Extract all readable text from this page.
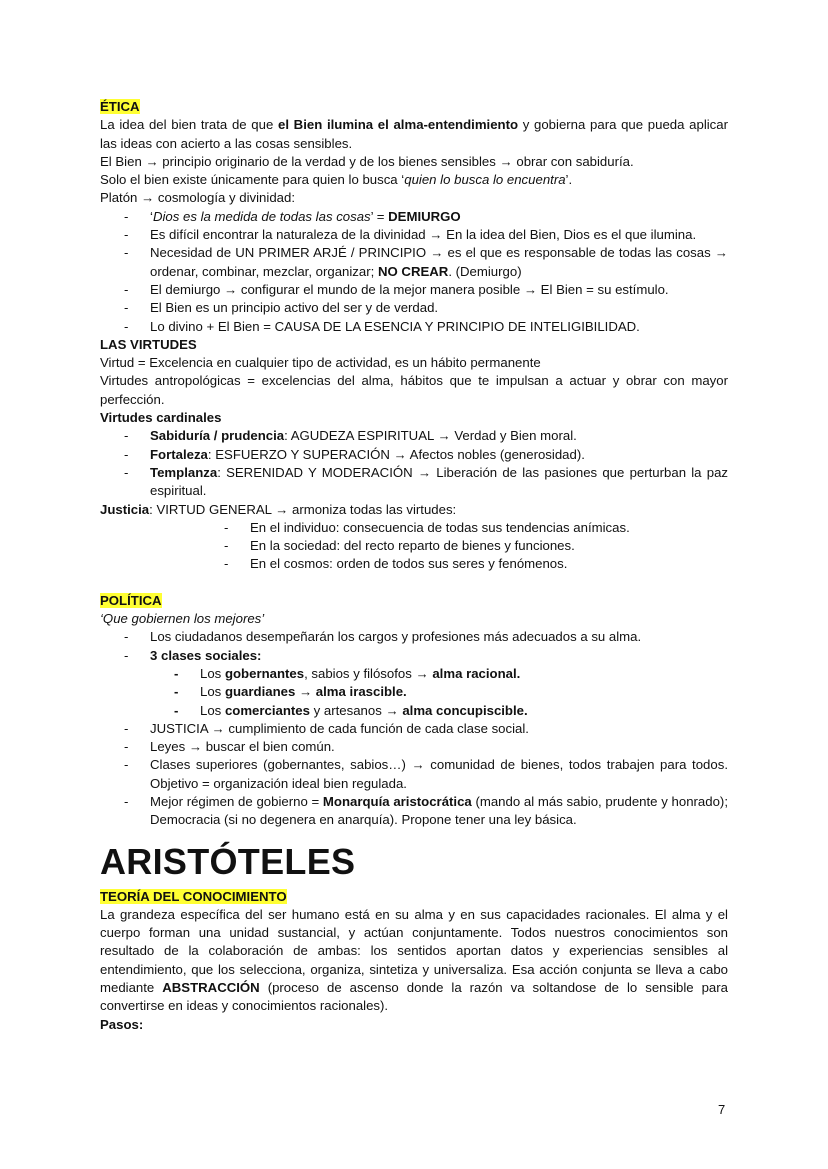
ÉTICA

La idea del bien trata de que el Bien ilumina el alma-entendimiento y gobierna para que pueda aplicar las ideas con acierto a las cosas sensibles.

El Bien → principio originario de la verdad y de los bienes sensibles → obrar con sabiduría.

Solo el bien existe únicamente para quien lo busca ‘quien lo busca lo encuentra’.

Platón → cosmología y divinidad:

- ‘Dios es la medida de todas las cosas’ = DEMIURGO
- Es difícil encontrar la naturaleza de la divinidad → En la idea del Bien, Dios es el que ilumina.
- Necesidad de UN PRIMER ARJÉ / PRINCIPIO → es el que es responsable de todas las cosas → ordenar, combinar, mezclar, organizar; NO CREAR. (Demiurgo)
- El demiurgo → configurar el mundo de la mejor manera posible → El Bien = su estímulo.
- El Bien es un principio activo del ser y de verdad.
- Lo divino + El Bien = CAUSA DE LA ESENCIA Y PRINCIPIO DE INTELIGIBILIDAD.

LAS VIRTUDES

Virtud = Excelencia en cualquier tipo de actividad, es un hábito permanente

Virtudes antropológicas = excelencias del alma, hábitos que te impulsan a actuar y obrar con mayor perfección.

Virtudes cardinales

- Sabiduría / prudencia: AGUDEZA ESPIRITUAL → Verdad y Bien moral.
- Fortaleza: ESFUERZO Y SUPERACIÓN → Afectos nobles (generosidad).
- Templanza: SERENIDAD Y MODERACIÓN → Liberación de las pasiones que perturban la paz espiritual.

Justicia: VIRTUD GENERAL → armoniza todas las virtudes:

- En el individuo: consecuencia de todas sus tendencias anímicas.
- En la sociedad: del recto reparto de bienes y funciones.
- En el cosmos: orden de todos sus seres y fenómenos.

POLÍTICA

‘Que gobiernen los mejores’

- Los ciudadanos desempeñarán los cargos y profesiones más adecuados a su alma.
- 3 clases sociales:
- Los gobernantes, sabios y filósofos → alma racional.
- Los guardianes → alma irascible.
- Los comerciantes y artesanos → alma concupiscible.
- JUSTICIA → cumplimiento de cada función de cada clase social.
- Leyes → buscar el bien común.
- Clases superiores (gobernantes, sabios…) → comunidad de bienes, todos trabajen para todos. Objetivo = organización ideal bien regulada.
- Mejor régimen de gobierno = Monarquía aristocrática (mando al más sabio, prudente y honrado); Democracia (si no degenera en anarquía). Propone tener una ley básica.

ARISTÓTELES

TEORÍA DEL CONOCIMIENTO

La grandeza específica del ser humano está en su alma y en sus capacidades racionales. El alma y el cuerpo forman una unidad sustancial, y actúan conjuntamente. Todos nuestros conocimientos son resultado de la colaboración de ambas: los sentidos aportan datos y experiencias sensibles al entendimiento, que los selecciona, organiza, sintetiza y universaliza. Esa acción conjunta se lleva a cabo mediante ABSTRACCIÓN (proceso de ascenso donde la razón va soltandose de lo sensible para convertirse en ideas y conocimientos racionales).

Pasos:

7
